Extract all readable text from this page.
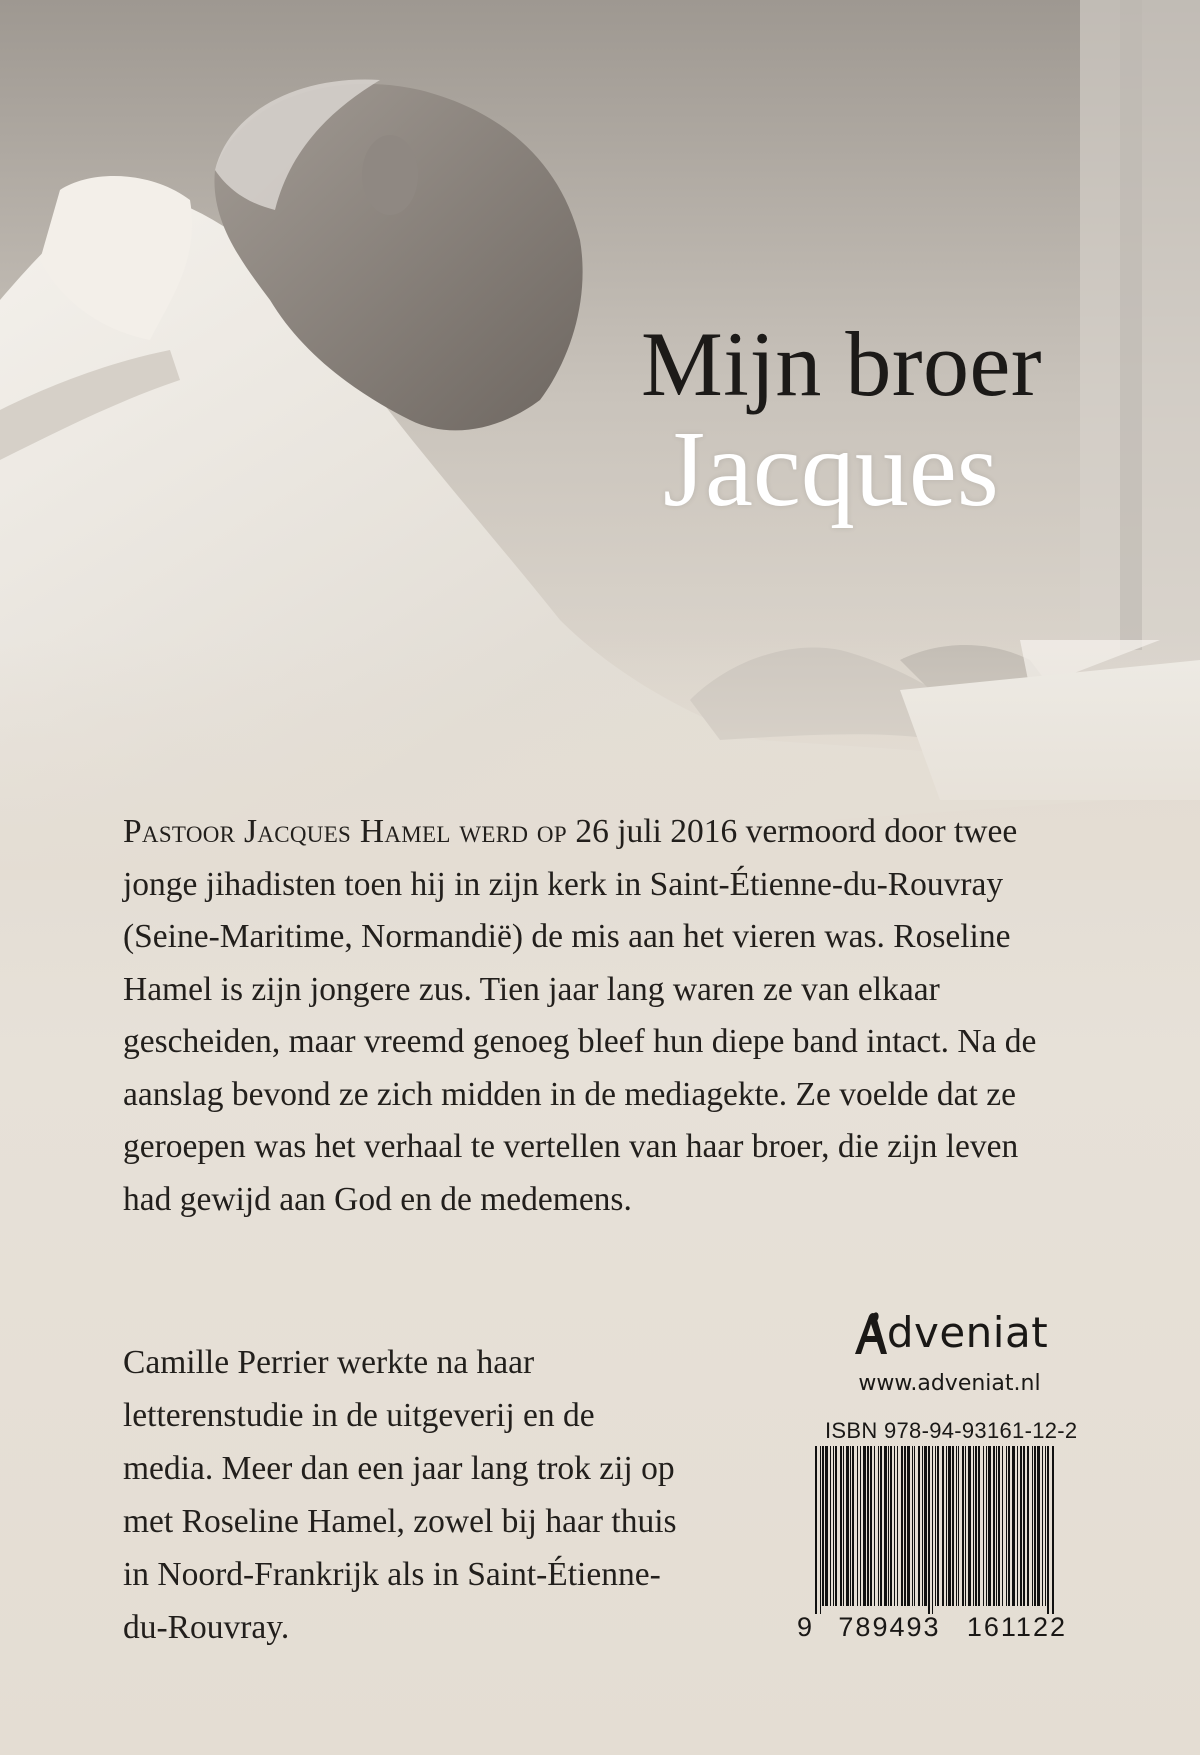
Mijn broer
Jacques

Pastoor Jacques Hamel werd op 26 juli 2016 vermoord door twee jonge jihadisten toen hij in zijn kerk in Saint-Étienne-du-Rouvray (Seine-Maritime, Normandië) de mis aan het vieren was. Roseline Hamel is zijn jongere zus. Tien jaar lang waren ze van elkaar gescheiden, maar vreemd genoeg bleef hun diepe band intact. Na de aanslag bevond ze zich midden in de mediagekte. Ze voelde dat ze geroepen was het verhaal te vertellen van haar broer, die zijn leven had gewijd aan God en de medemens.

Camille Perrier werkte na haar letterenstudie in de uitgeverij en de media. Meer dan een jaar lang trok zij op met Roseline Hamel, zowel bij haar thuis in Noord-Frankrijk als in Saint-Étienne-du-Rouvray.

dveniat
www.adveniat.nl
ISBN 978-94-93161-12-2
9 789493 161122
